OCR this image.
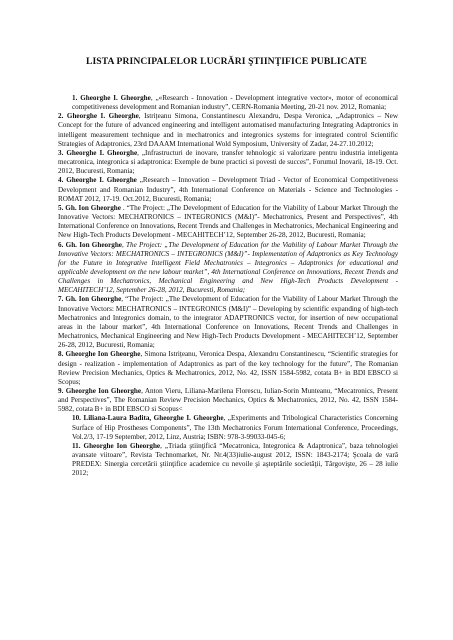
LISTA PRINCIPALELOR LUCRĂRI ŞTIINŢIFICE PUBLICATE

1. Gheorghe I. Gheorghe, „«Research - Innovation - Development integrative vector», motor of economical competitiveness development and Romanian industry”, CERN-Romania Meeting, 20-21 nov. 2012, Romania;

2. Gheorghe I. Gheorghe, Istrițeanu Simona, Constantinescu Alexandru, Despa Veronica, „Adaptronics – New Concept for the future of advanced engineering and intelligent automatised manufacturing Integrating Adaptronics in intelligent measurement technique and in mechatronics and integronics systems for integrated control Scientific Strategies of Adaptronics, 23rd DAAAM International Wold Symposium, University of Zadar, 24-27.10.2012;

3. Gheorghe I. Gheorghe, „Infrastructuri de inovare, transfer tehnologic si valorizare pentru industria inteligenta mecatronica, integronica si adaptronica: Exemple de bune practici si povesti de succes”, Forumul Inovarii, 18-19. Oct. 2012, Bucuresti, Romania;

4. Gheorghe I. Gheorghe „Research – Innovation – Development Triad - Vector of Economical Competitiveness Development and Romanian Industry”, 4th International Conference on Materials - Science and Technologies - ROMAT 2012, 17-19. Oct.2012, Bucuresti, Romania;

5. Gh. Ion Gheorghe . “The Project: „The Development of Education for the Viability of Labour Market Through the Innovative Vectors: MECHATRONICS – INTEGRONICS (M&I)”- Mechatronics, Present and Perspectives”, 4th International Conference on Innovations, Recent Trends and Challenges in Mechatronics, Mechanical Engineering and New High-Tech Products Development - MECAHITECH’12, September 26-28, 2012, Bucuresti, Romania;

6. Gh. Ion Gheorghe, The Project: „The Development of Education for the Viability of Labour Market Through the Innovative Vectors: MECHATRONICS – INTEGRONICS (M&I)”- Implementation of Adaptronics as Key Technology for the Future in Integrative Intelligent Field Mechatronics – Integronics – Adaptronics for educational and applicable development on the new labour market”, 4th International Conference on Innovations, Recent Trends and Challenges in Mechatronics, Mechanical Engineering and New High-Tech Products Development - MECAHITECH’12, September 26-28, 2012, Bucuresti, Romania;

7. Gh. Ion Gheorghe, “The Project: „The Development of Education for the Viability of Labour Market Through the Innovative Vectors: MECHATRONICS – INTEGRONICS (M&I)” – Developing by scientific expanding of high-tech Mechatronics and Integronics domain, to the integrator ADAPTRONICS vector, for insertion of new occupational areas in the labour market”, 4th International Conference on Innovations, Recent Trends and Challenges in Mechatronics, Mechanical Engineering and New High-Tech Products Development - MECAHITECH’12, September 26-28, 2012, Bucuresti, Romania;

8. Gheorghe Ion Gheorghe, Simona Istrițeanu, Veronica Despa, Alexandru Constantinescu, “Scientific strategies for design - realization - implementation of Adaptronics as part of the key technology for the future”, The Romanian Review Precision Mechanics, Optics & Mechatronics, 2012, No. 42, ISSN 1584-5982, cotata B+ in BDI EBSCO si Scopus;

9. Gheorghe Ion Gheorghe, Anton Vieru, Liliana-Marilena Florescu, Iulian-Sorin Munteanu, “Mecatronics, Present and Perspectives”, The Romanian Review Precision Mechanics, Optics & Mechatronics, 2012, No. 42, ISSN 1584-5982, cotata B+ in BDI EBSCO si Scopus<

10. Liliana-Laura Badita, Gheorghe I. Gheorghe, „Experiments and Tribological Characteristics Concerning Surface of Hip Prostheses Components”, The 13th Mechatronics Forum International Conference, Proceedings, Vol.2/3, 17-19 September, 2012, Linz, Austria; ISBN: 978-3-99033-045-6;

11. Gheorghe Ion Gheorghe, „Triada ştiinţifică “Mecatronica, Integronica & Adaptronica”, baza tehnologiei avansate viitoare”, Revista Technomarket, Nr. Nr.4(33)iulie-august 2012, ISSN: 1843-2174; Şcoala de vară PREDEX: Sinergia cercetării ştiinţifice academice cu nevoile şi aşteptările societăţii, Târgovişte, 26 – 28 iulie 2012;
